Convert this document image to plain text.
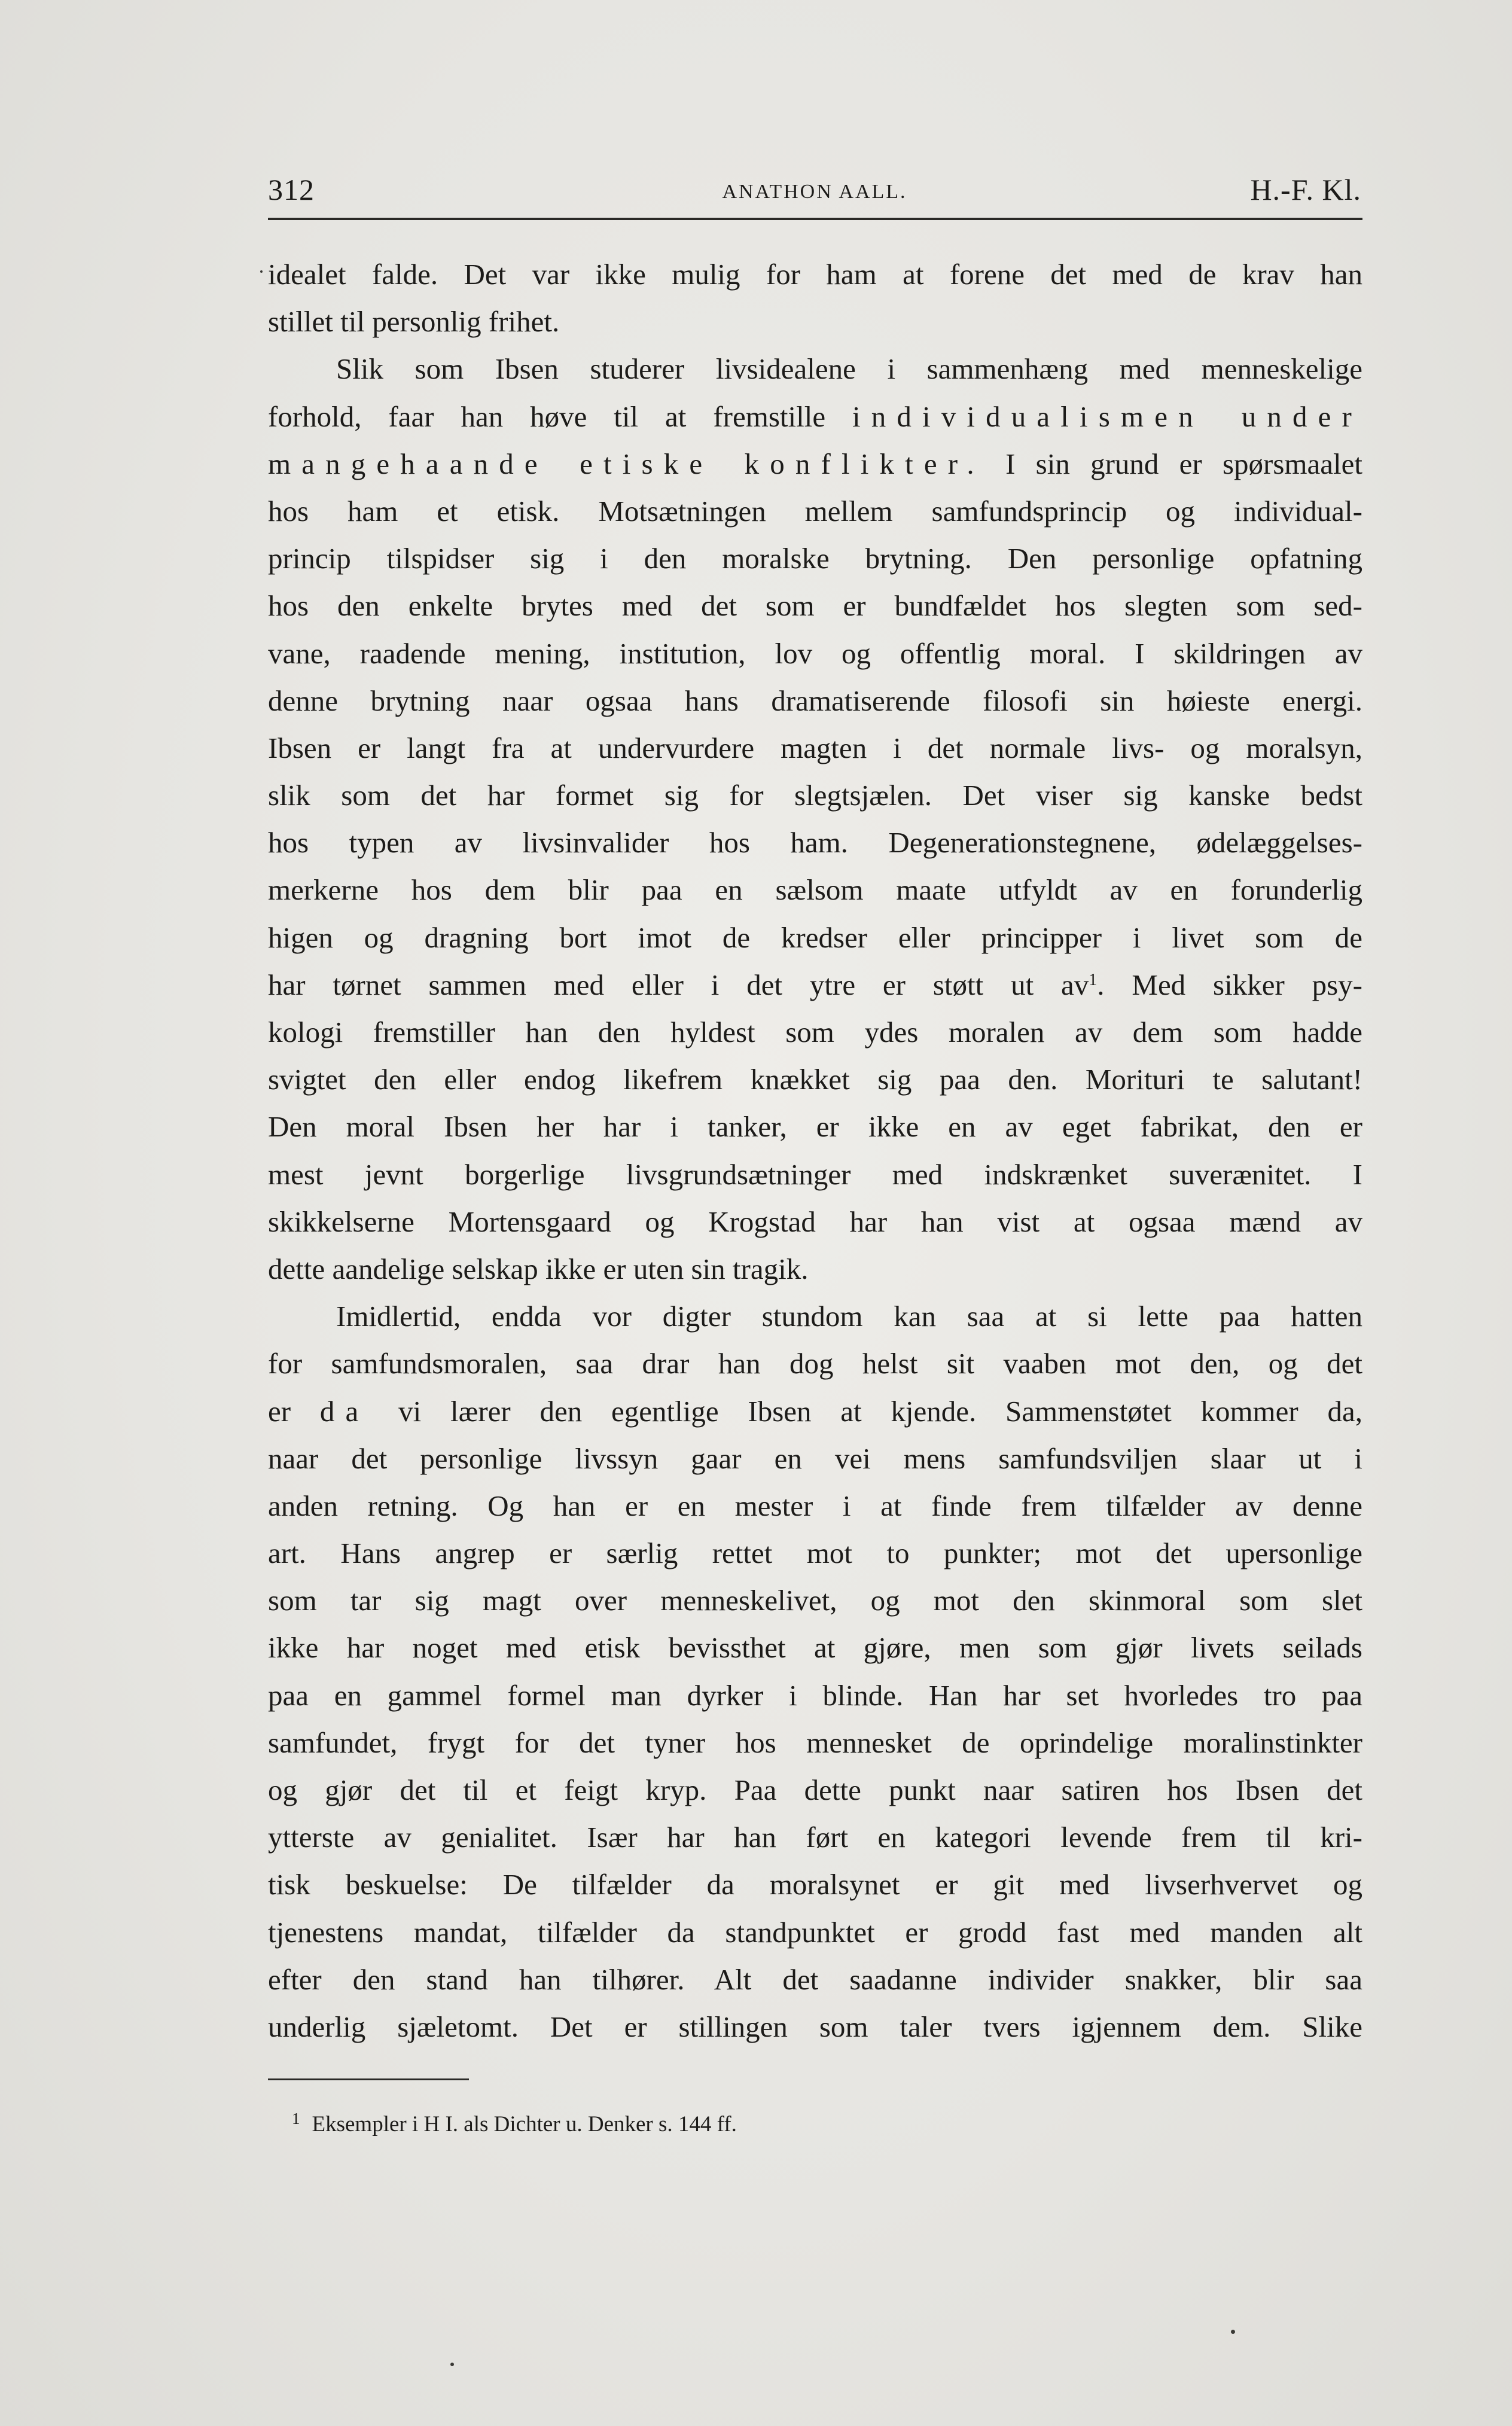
312	ANATHON AALL.	H.-F. Kl.
idealet falde. Det var ikke mulig for ham at forene det med de krav han
stillet til personlig frihet.
Slik som Ibsen studerer livsidealene i sammenhæng med menneskelige
forhold, faar han høve til at fremstille individualismen under
mangehaande etiske konflikter. I sin grund er spørsmaalet
hos ham et etisk. Motsætningen mellem samfundsprincip og individual-
princip tilspidser sig i den moralske brytning. Den personlige opfatning
hos den enkelte brytes med det som er bundfældet hos slegten som sed-
vane, raadende mening, institution, lov og offentlig moral. I skildringen av
denne brytning naar ogsaa hans dramatiserende filosofi sin høieste energi.
Ibsen er langt fra at undervurdere magten i det normale livs- og moralsyn,
slik som det har formet sig for slegtsjælen. Det viser sig kanske bedst
hos typen av livsinvalider hos ham. Degenerationstegnene, ødelæggelses-
merkerne hos dem blir paa en sælsom maate utfyldt av en forunderlig
higen og dragning bort imot de kredser eller principper i livet som de
har tørnet sammen med eller i det ytre er støtt ut $av^1$. Med sikker psy-
kologi fremstiller han den hyldest som ydes moralen av dem som hadde
svigtet den eller endog likefrem knækket sig paa den. Morituri te salutant!
Den moral Ibsen her har i tanker, er ikke en av eget fabrikat, den er
mest jevnt borgerlige livsgrundsætninger med indskrænket suverænitet. I
skikkelserne Mortensgaard og Krogstad har han vist at ogsaa mænd av
dette aandelige selskap ikke er uten sin tragik.
Imidlertid, endda vor digter stundom kan saa at si lette paa hatten
for samfundsmoralen, saa drar han dog helst sit vaaben mot den, og det
er da vi lærer den egentlige Ibsen at kjende. Sammenstøtet kommer da,
naar det personlige livssyn gaar en vei mens samfundsviljen slaar ut i
anden retning. Og han er en mester i at finde frem tilfælder av denne
art. Hans angrep er særlig rettet mot to punkter; mot det upersonlige
som tar sig magt over menneskelivet, og mot den skinmoral som slet
ikke har noget med etisk bevissthet at gjøre, men som gjør livets seilads
paa en gammel formel man dyrker i blinde. Han har set hvorledes tro paa
samfundet, frygt for det tyner hos mennesket de oprindelige moralinstinkter
og gjør det til et feigt kryp. Paa dette punkt naar satiren hos Ibsen det
ytterste av genialitet. Især har han ført en kategori levende frem til kri-
tisk beskuelse: De tilfælder da moralsynet er git med livserhvervet og
tjenestens mandat, tilfælder da standpunktet er grodd fast med manden alt
efter den stand han tilhører. Alt det saadanne individer snakker, blir saa
underlig sjæletomt. Det er stillingen som taler tvers igjennem dem. Slike
$^1$ Eksempler i H I. als Dichter u. Denker s. 144 ff.
